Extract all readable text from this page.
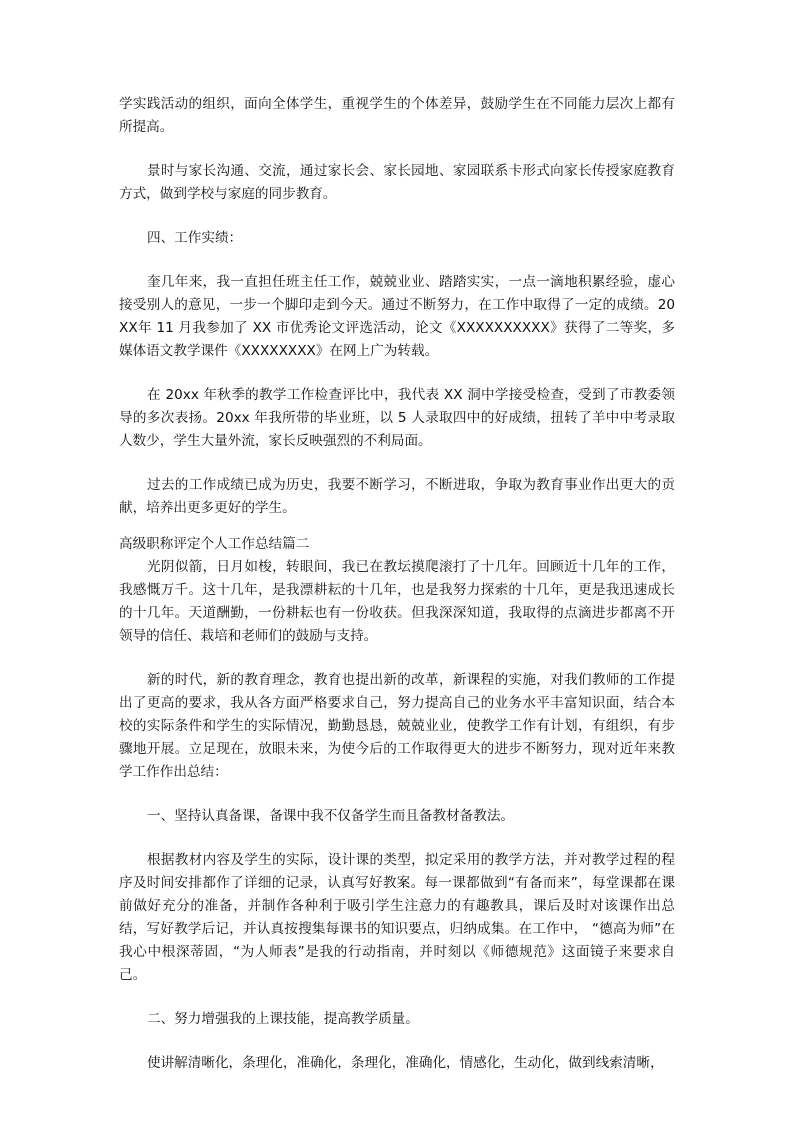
学实践活动的组织，面向全体学生，重视学生的个体差异，鼓励学生在不同能力层次上都有所提高。

景时与家长沟通、交流，通过家长会、家长园地、家园联系卡形式向家长传授家庭教育方式，做到学校与家庭的同步教育。

四、工作实绩：

奎几年来，我一直担任班主任工作，兢兢业业、踏踏实实，一点一滴地积累经验，虚心接受别人的意见，一步一个脚印走到今天。通过不断努力，在工作中取得了一定的成绩。20XX年 11 月我参加了 XX 市优秀论文评选活动，论文《XXXXXXXXXX》获得了二等奖，多媒体语文教学课件《XXXXXXXX》在网上广为转载。

在 20xx 年秋季的教学工作检查评比中，我代表 XX 洞中学接受检查，受到了市教委领导的多次表扬。20xx 年我所带的毕业班，以 5 人录取四中的好成绩，扭转了羊中中考录取人数少，学生大量外流，家长反映强烈的不利局面。

过去的工作成绩已成为历史，我要不断学习，不断进取，争取为教育事业作出更大的贡献，培养出更多更好的学生。

高级职称评定个人工作总结篇二

光阴似箭，日月如梭，转眼间，我已在教坛摸爬滚打了十几年。回顾近十几年的工作，我感慨万千。这十几年，是我漂耕耘的十几年，也是我努力探索的十几年，更是我迅速成长的十几年。天道酬勤，一份耕耘也有一份收获。但我深深知道，我取得的点滴进步都离不开领导的信任、栽培和老师们的鼓励与支持。

新的时代，新的教育理念，教育也提出新的改革，新课程的实施，对我们教师的工作提出了更高的要求，我从各方面严格要求自己，努力提高自己的业务水平丰富知识面，结合本校的实际条件和学生的实际情况，勤勤恳恳，兢兢业业，使教学工作有计划，有组织，有步骤地开展。立足现在，放眼未来，为使今后的工作取得更大的进步不断努力，现对近年来教学工作作出总结：

一、坚持认真备课，备课中我不仅备学生而且备教材备教法。

根据教材内容及学生的实际，设计课的类型，拟定采用的教学方法，并对教学过程的程序及时间安排都作了详细的记录，认真写好教案。每一课都做到“有备而来”，每堂课都在课前做好充分的准备，并制作各种利于吸引学生注意力的有趣教具，课后及时对该课作出总结，写好教学后记，并认真按搜集每课书的知识要点，归纳成集。在工作中， “德高为师”在我心中根深蒂固，“为人师表”是我的行动指南，并时刻以《师德规范》这面镜子来要求自己。

二、努力增强我的上课技能，提高教学质量。

使讲解清晰化，条理化，准确化，条理化，准确化，情感化，生动化，做到线索清晰，
